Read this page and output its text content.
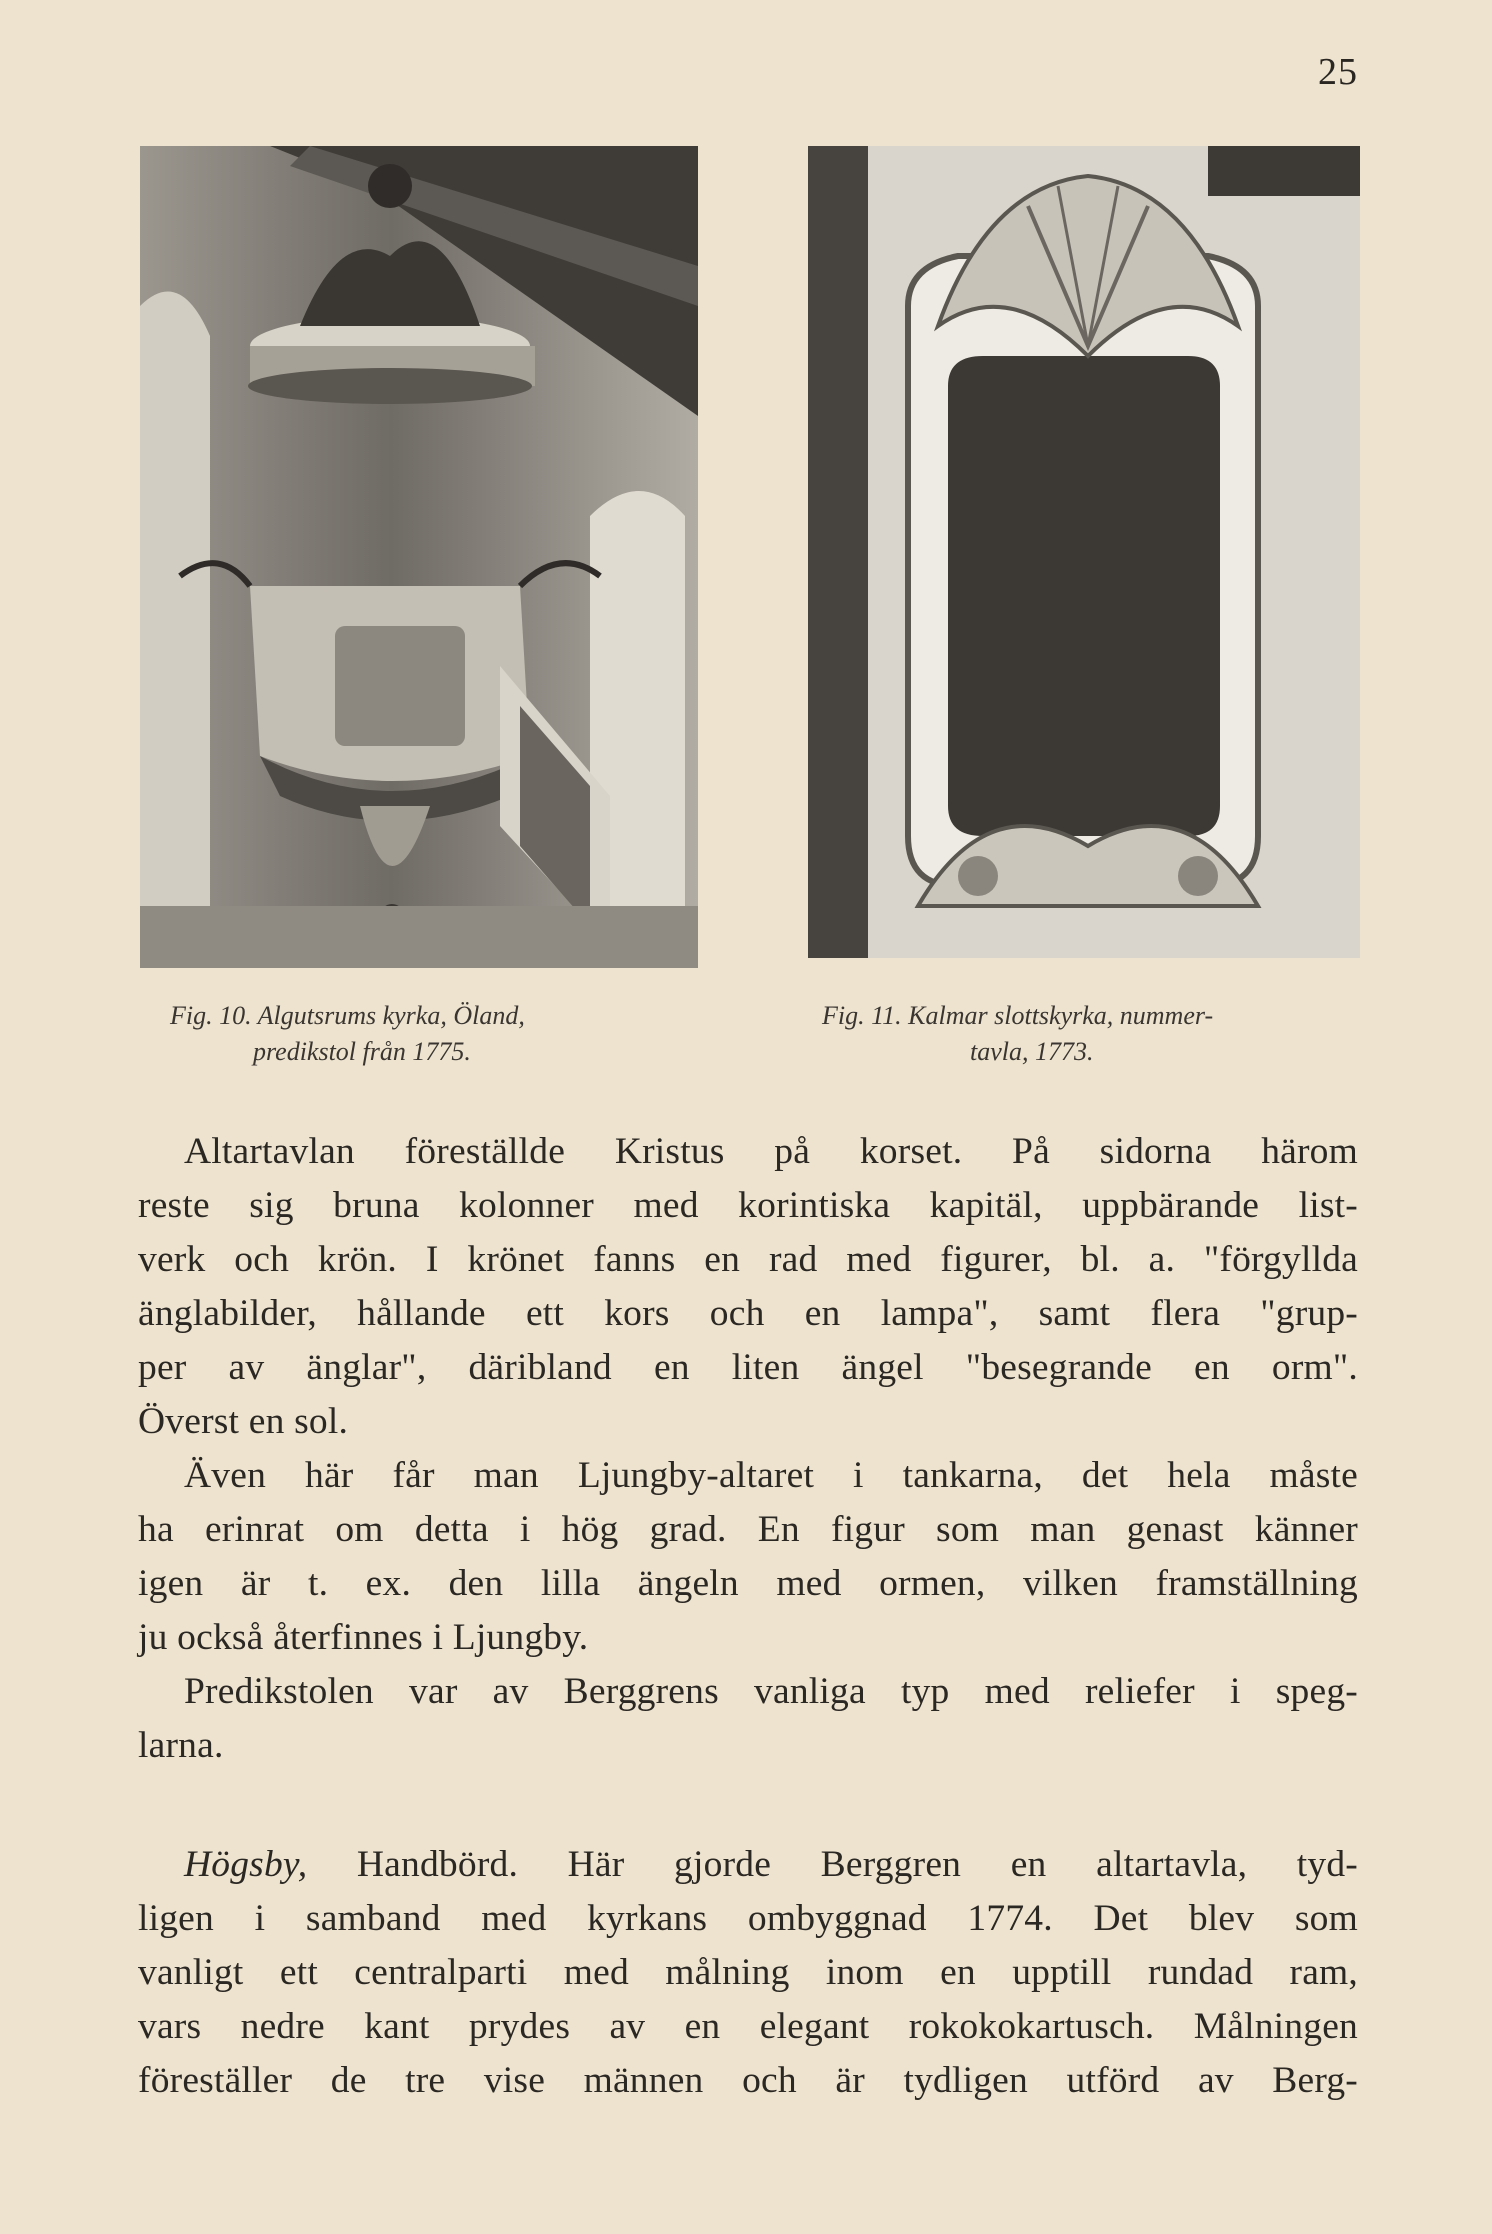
25
Fig. 10. Algutsrums kyrka, Öland,
predikstol från 1775.
Fig. 11. Kalmar slottskyrka, nummer-
tavla, 1773.
Altartavlan föreställde Kristus på korset. På sidorna härom
reste sig bruna kolonner med korintiska kapitäl, uppbärande list-
verk och krön. I krönet fanns en rad med figurer, bl. a. "förgyllda
änglabilder, hållande ett kors och en lampa", samt flera "grup-
per av änglar", däribland en liten ängel "besegrande en orm".
Överst en sol.
Även här får man Ljungby-altaret i tankarna, det hela måste
ha erinrat om detta i hög grad. En figur som man genast känner
igen är t. ex. den lilla ängeln med ormen, vilken framställning
ju också återfinnes i Ljungby.
Predikstolen var av Berggrens vanliga typ med reliefer i speg-
larna.
Högsby, Handbörd. Här gjorde Berggren en altartavla, tyd-
ligen i samband med kyrkans ombyggnad 1774. Det blev som
vanligt ett centralparti med målning inom en upptill rundad ram,
vars nedre kant prydes av en elegant rokokokartusch. Målningen
föreställer de tre vise männen och är tydligen utförd av Berg-
